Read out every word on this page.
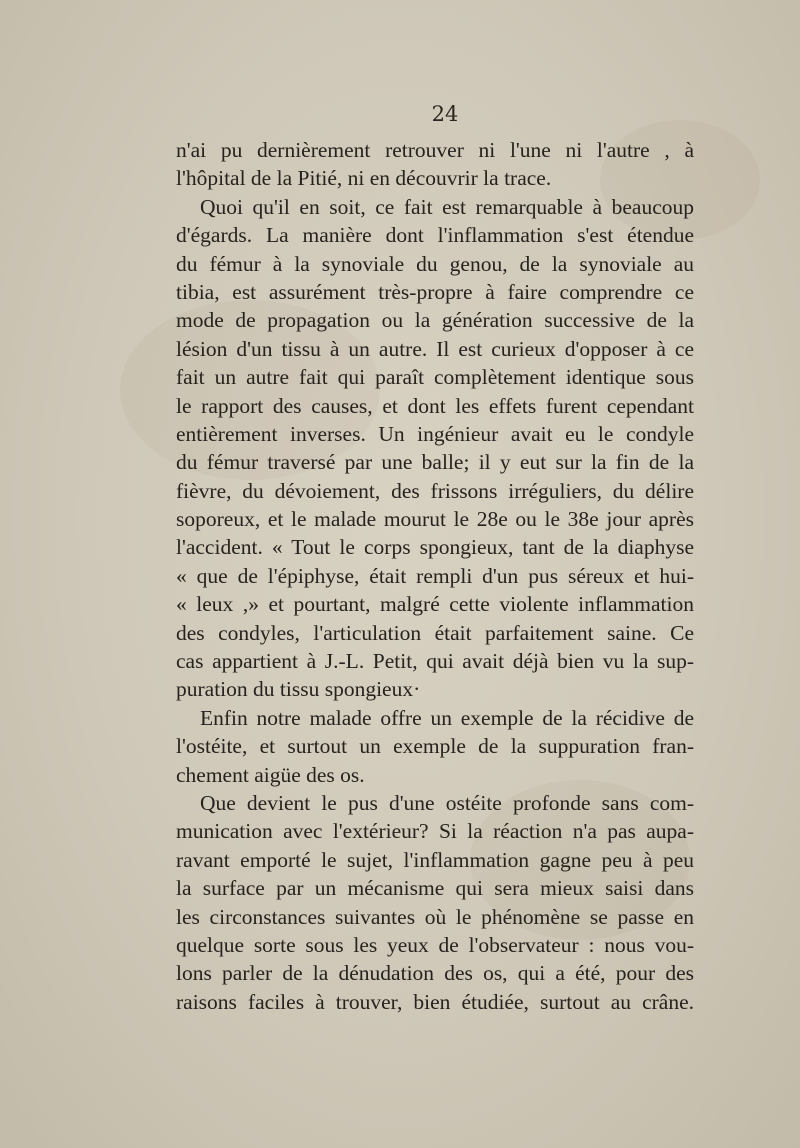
24
n'ai pu dernièrement retrouver ni l'une ni l'autre , à
l'hôpital de la Pitié, ni en découvrir la trace.
Quoi qu'il en soit, ce fait est remarquable à beaucoup
d'égards. La manière dont l'inflammation s'est étendue
du fémur à la synoviale du genou, de la synoviale au
tibia, est assurément très-propre à faire comprendre ce
mode de propagation ou la génération successive de la
lésion d'un tissu à un autre. Il est curieux d'opposer à ce
fait un autre fait qui paraît complètement identique sous
le rapport des causes, et dont les effets furent cependant
entièrement inverses. Un ingénieur avait eu le condyle
du fémur traversé par une balle; il y eut sur la fin de la
fièvre, du dévoiement, des frissons irréguliers, du délire
soporeux, et le malade mourut le 28e ou le 38e jour après
l'accident. « Tout le corps spongieux, tant de la diaphyse
« que de l'épiphyse, était rempli d'un pus séreux et hui-
« leux ,» et pourtant, malgré cette violente inflammation
des condyles, l'articulation était parfaitement saine. Ce
cas appartient à J.-L. Petit, qui avait déjà bien vu la sup-
puration du tissu spongieux·
Enfin notre malade offre un exemple de la récidive de
l'ostéite, et surtout un exemple de la suppuration fran-
chement aigüe des os.
Que devient le pus d'une ostéite profonde sans com-
munication avec l'extérieur? Si la réaction n'a pas aupa-
ravant emporté le sujet, l'inflammation gagne peu à peu
la surface par un mécanisme qui sera mieux saisi dans
les circonstances suivantes où le phénomène se passe en
quelque sorte sous les yeux de l'observateur : nous vou-
lons parler de la dénudation des os, qui a été, pour des
raisons faciles à trouver, bien étudiée, surtout au crâne.
